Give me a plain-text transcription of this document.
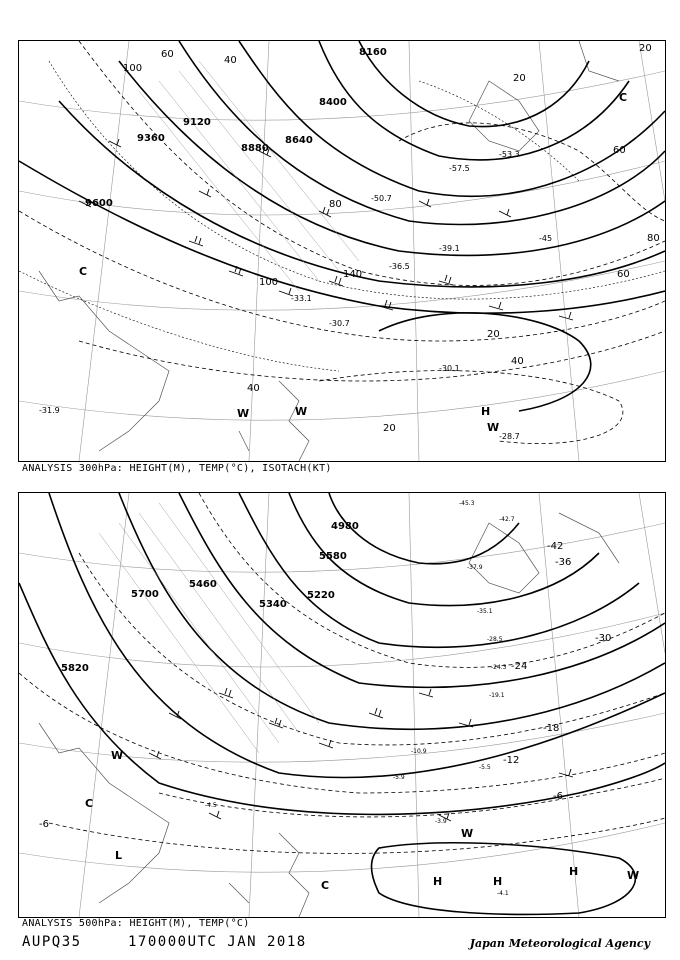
8160
8400
8640
8880
9120
9360
9600
60
40
20
100
80
60
40
20
20
100
140
80
60
40
20
-57.5
-53.3
-50.7
-45
-39.1
-36.5
-30.7
-33.1
-30.1
-31.9
-28.7
H
W
W	W
C
C
ANALYSIS 300hPa: HEIGHT(M), TEMP(°C), ISOTACH(KT)
4980
5220
5340
5460
5580
5700
5820
-42
-36
-30
-24
-18
-12
-6
-6
-45.3
-42.7
-37.9
-35.1
-28.5
-24.3
-19.1
-10.9
-5.5
-5.9
-4.5
-3.9
-4.1
H	H
H	W
W
W
C
C
L
ANALYSIS 500hPa: HEIGHT(M), TEMP(°C)
AUPQ35	170000UTC JAN 2018	Japan Meteorological Agency
